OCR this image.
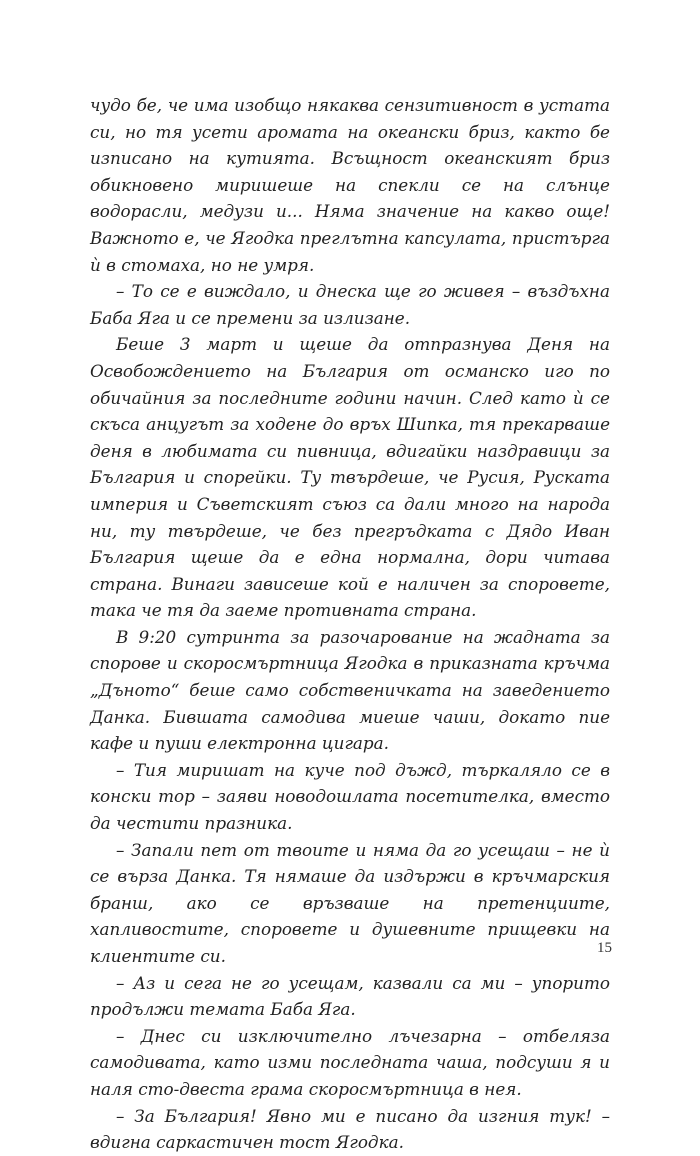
чудо бе, че има изобщо някаква сензитивност в устата си, но тя усети аромата на океански бриз, както бе изписано на кутията. Всъщност океанският бриз обикновено миришеше на спекли се на слънце водорасли, медузи и... Няма значение на какво още! Важното е, че Ягодка преглътна капсулата, пристърга ѝ в стомаха, но не умря.

– То се е виждало, и днеска ще го живея – въздъхна Баба Яга и се премени за излизане.

Беше 3 март и щеше да отпразнува Деня на Освобождението на България от османско иго по обичайния за последните години начин. След като ѝ се скъса анцугът за ходене до връх Шипка, тя прекарваше деня в любимата си пивница, вдигайки наздравици за България и спорейки. Ту твърдеше, че Русия, Руската империя и Съветският съюз са дали много на народа ни, ту твърдеше, че без прегръдката с Дядо Иван България щеше да е една нормална, дори читава страна. Винаги зависеше кой е наличен за споровете, така че тя да заеме противната страна.

В 9:20 сутринта за разочарование на жадната за спорове и скоросмъртница Ягодка в приказната кръчма „Дъното“ беше само собственичката на заведението Данка. Бившата самодива миеше чаши, докато пие кафе и пуши електронна цигара.

– Тия миришат на куче под дъжд, търкаляло се в конски тор – заяви новодошлата посетителка, вместо да честити празника.

– Запали пет от твоите и няма да го усещаш – не ѝ се върза Данка. Тя нямаше да издържи в кръчмарския бранш, ако се връзваше на претенциите, хапливостите, споровете и душевните прищевки на клиентите си.

– Аз и сега не го усещам, казвали са ми – упорито продължи темата Баба Яга.

– Днес си изключително лъчезарна – отбеляза самодивата, като изми последната чаша, подсуши я и наля сто-двеста грама скоросмъртница в нея.

– За България! Явно ми е писано да изгния тук! – вдигна саркастичен тост Ягодка.

15
